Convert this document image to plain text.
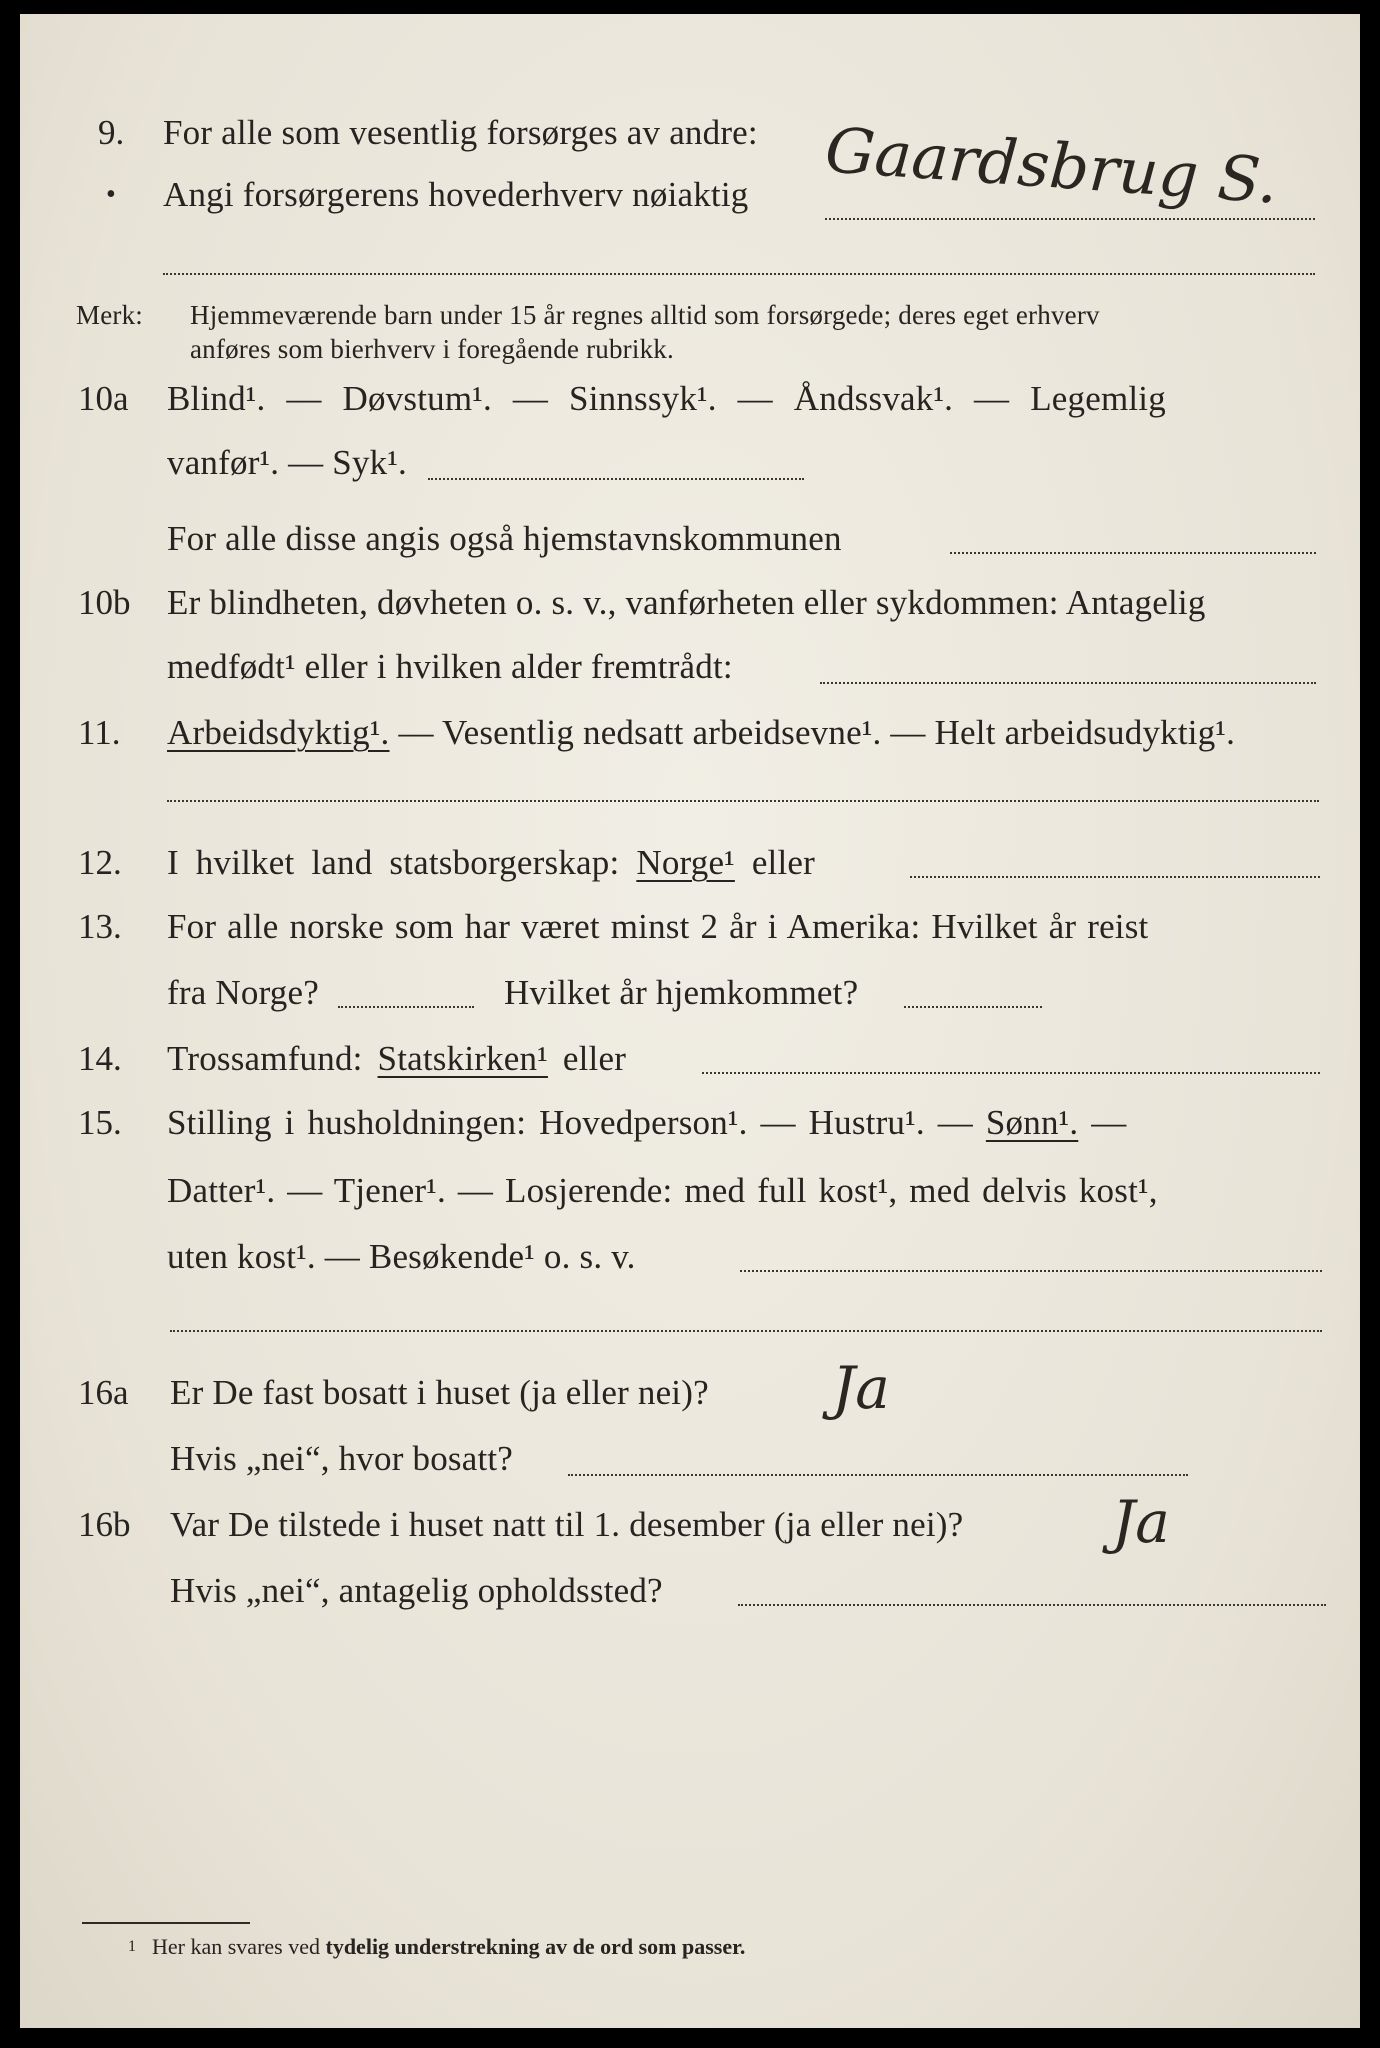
9. For alle som vesentlig forsørges av andre:
• Angi forsørgerens hovederhverv nøiaktig Gaardsbrug S.
Merk: Hjemmeværende barn under 15 år regnes alltid som forsørgede; deres eget erhverv
anføres som bierhverv i foregående rubrikk.
10a Blind¹. — Døvstum¹. — Sinnssyk¹. — Åndssvak¹. — Legemlig
vanfør¹. — Syk¹.
For alle disse angis også hjemstavnskommunen
10b Er blindheten, døvheten o. s. v., vanførheten eller sykdommen: Antagelig
medfødt¹ eller i hvilken alder fremtrådt:
11. Arbeidsdyktig¹. — Vesentlig nedsatt arbeidsevne¹. — Helt arbeidsudyktig¹.
12. I hvilket land statsborgerskap: Norge¹ eller
13. For alle norske som har været minst 2 år i Amerika: Hvilket år reist
fra Norge?	Hvilket år hjemkommet?
14. Trossamfund: Statskirken¹ eller
15. Stilling i husholdningen: Hovedperson¹. — Hustru¹. — Sønn¹. —
Datter¹. — Tjener¹. — Losjerende: med full kost¹, med delvis kost¹,
uten kost¹. — Besøkende¹ o. s. v.
16a Er De fast bosatt i huset (ja eller nei)? Ja
Hvis „nei“, hvor bosatt?
16b Var De tilstede i huset natt til 1. desember (ja eller nei)?	Ja
Hvis „nei“, antagelig opholdssted?
1 Her kan svares ved tydelig understrekning av de ord som passer.
